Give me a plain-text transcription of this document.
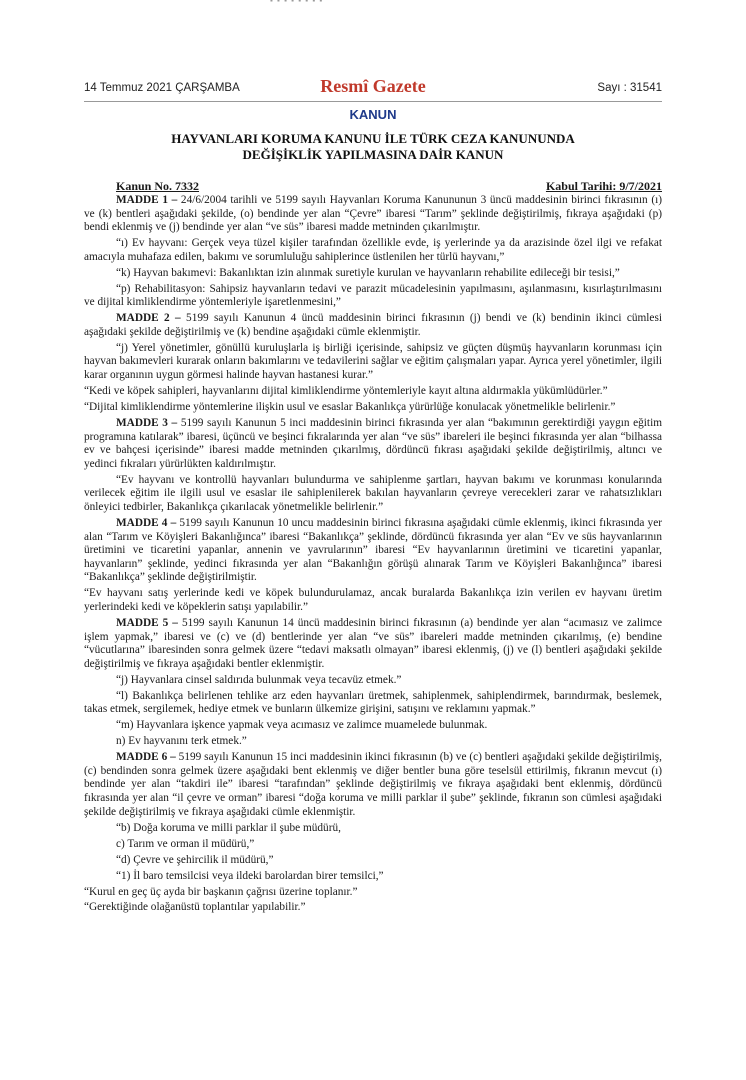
▪ ▪ ▪ ▪ ▪ ▪ ▪ ▪
14 Temmuz 2021 ÇARŞAMBA	Resmî Gazete	Sayı : 31541
KANUN
HAYVANLARI KORUMA KANUNU İLE TÜRK CEZA KANUNUNDA
DEĞİŞİKLİK YAPILMASINA DAİR KANUN
Kanun No. 7332	Kabul Tarihi: 9/7/2021

MADDE 1 – 24/6/2004 tarihli ve 5199 sayılı Hayvanları Koruma Kanununun 3 üncü maddesinin birinci fıkrasının (ı) ve (k) bentleri aşağıdaki şekilde, (o) bendinde yer alan “Çevre” ibaresi “Tarım” şeklinde değiştirilmiş, fıkraya aşağıdaki (p) bendi eklenmiş ve (j) bendinde yer alan “ve süs” ibaresi madde metninden çıkarılmıştır.

“ı) Ev hayvanı: Gerçek veya tüzel kişiler tarafından özellikle evde, iş yerlerinde ya da arazisinde özel ilgi ve refakat amacıyla muhafaza edilen, bakımı ve sorumluluğu sahiplerince üstlenilen her türlü hayvanı,”

“k) Hayvan bakımevi: Bakanlıktan izin alınmak suretiyle kurulan ve hayvanların rehabilite edileceği bir tesisi,”

“p) Rehabilitasyon: Sahipsiz hayvanların tedavi ve parazit mücadelesinin yapılmasını, aşılanmasını, kısırlaştırılmasını ve dijital kimliklendirme yöntemleriyle işaretlenmesini,”

MADDE 2 – 5199 sayılı Kanunun 4 üncü maddesinin birinci fıkrasının (j) bendi ve (k) bendinin ikinci cümlesi aşağıdaki şekilde değiştirilmiş ve (k) bendine aşağıdaki cümle eklenmiştir.

“j) Yerel yönetimler, gönüllü kuruluşlarla iş birliği içerisinde, sahipsiz ve güçten düşmüş hayvanların korunması için hayvan bakımevleri kurarak onların bakımlarını ve tedavilerini sağlar ve eğitim çalışmaları yapar. Ayrıca yerel yönetimler, ilgili karar organının uygun görmesi halinde hayvan hastanesi kurar.”

“Kedi ve köpek sahipleri, hayvanlarını dijital kimliklendirme yöntemleriyle kayıt altına aldırmakla yükümlüdürler.”

“Dijital kimliklendirme yöntemlerine ilişkin usul ve esaslar Bakanlıkça yürürlüğe konulacak yönetmelikle belirlenir.”

MADDE 3 – 5199 sayılı Kanunun 5 inci maddesinin birinci fıkrasında yer alan “bakımının gerektirdiği yaygın eğitim programına katılarak” ibaresi, üçüncü ve beşinci fıkralarında yer alan “ve süs” ibareleri ile beşinci fıkrasında yer alan “bilhassa ev ve bahçesi içerisinde” ibaresi madde metninden çıkarılmış, dördüncü fıkrası aşağıdaki şekilde değiştirilmiş, altıncı ve yedinci fıkraları yürürlükten kaldırılmıştır.

“Ev hayvanı ve kontrollü hayvanları bulundurma ve sahiplenme şartları, hayvan bakımı ve korunması konularında verilecek eğitim ile ilgili usul ve esaslar ile sahiplenilerek bakılan hayvanların çevreye verecekleri zarar ve rahatsızlıkları önleyici tedbirler, Bakanlıkça çıkarılacak yönetmelikle belirlenir.”

MADDE 4 – 5199 sayılı Kanunun 10 uncu maddesinin birinci fıkrasına aşağıdaki cümle eklenmiş, ikinci fıkrasında yer alan “Tarım ve Köyişleri Bakanlığınca” ibaresi “Bakanlıkça” şeklinde, dördüncü fıkrasında yer alan “Ev ve süs hayvanlarının üretimini ve ticaretini yapanlar, annenin ve yavrularının” ibaresi “Ev hayvanlarının üretimini ve ticaretini yapanlar, hayvanların” şeklinde, yedinci fıkrasında yer alan “Bakanlığın görüşü alınarak Tarım ve Köyişleri Bakanlığınca” ibaresi “Bakanlıkça” şeklinde değiştirilmiştir.

“Ev hayvanı satış yerlerinde kedi ve köpek bulundurulamaz, ancak buralarda Bakanlıkça izin verilen ev hayvanı üretim yerlerindeki kedi ve köpeklerin satışı yapılabilir.”

MADDE 5 – 5199 sayılı Kanunun 14 üncü maddesinin birinci fıkrasının (a) bendinde yer alan “acımasız ve zalimce işlem yapmak,” ibaresi ve (c) ve (d) bentlerinde yer alan “ve süs” ibareleri madde metninden çıkarılmış, (e) bendine “vücutlarına” ibaresinden sonra gelmek üzere “tedavi maksatlı olmayan” ibaresi eklenmiş, (j) ve (l) bentleri aşağıdaki şekilde değiştirilmiş ve fıkraya aşağıdaki bentler eklenmiştir.

“j) Hayvanlara cinsel saldırıda bulunmak veya tecavüz etmek.”

“l) Bakanlıkça belirlenen tehlike arz eden hayvanları üretmek, sahiplenmek, sahiplendirmek, barındırmak, beslemek, takas etmek, sergilemek, hediye etmek ve bunların ülkemize girişini, satışını ve reklamını yapmak.”

“m) Hayvanlara işkence yapmak veya acımasız ve zalimce muamelede bulunmak.

n) Ev hayvanını terk etmek.”

MADDE 6 – 5199 sayılı Kanunun 15 inci maddesinin ikinci fıkrasının (b) ve (c) bentleri aşağıdaki şekilde değiştirilmiş, (c) bendinden sonra gelmek üzere aşağıdaki bent eklenmiş ve diğer bentler buna göre teselsül ettirilmiş, fıkranın mevcut (ı) bendinde yer alan “takdiri ile” ibaresi “tarafından” şeklinde değiştirilmiş ve fıkraya aşağıdaki bent eklenmiş, dördüncü fıkrasında yer alan “il çevre ve orman” ibaresi “doğa koruma ve milli parklar il şube” şeklinde, fıkranın son cümlesi aşağıdaki şekilde değiştirilmiş ve fıkraya aşağıdaki cümle eklenmiştir.

“b) Doğa koruma ve milli parklar il şube müdürü,

c) Tarım ve orman il müdürü,”

“d) Çevre ve şehircilik il müdürü,”

“1) İl baro temsilcisi veya ildeki barolardan birer temsilci,”

“Kurul en geç üç ayda bir başkanın çağrısı üzerine toplanır.”

“Gerektiğinde olağanüstü toplantılar yapılabilir.”
